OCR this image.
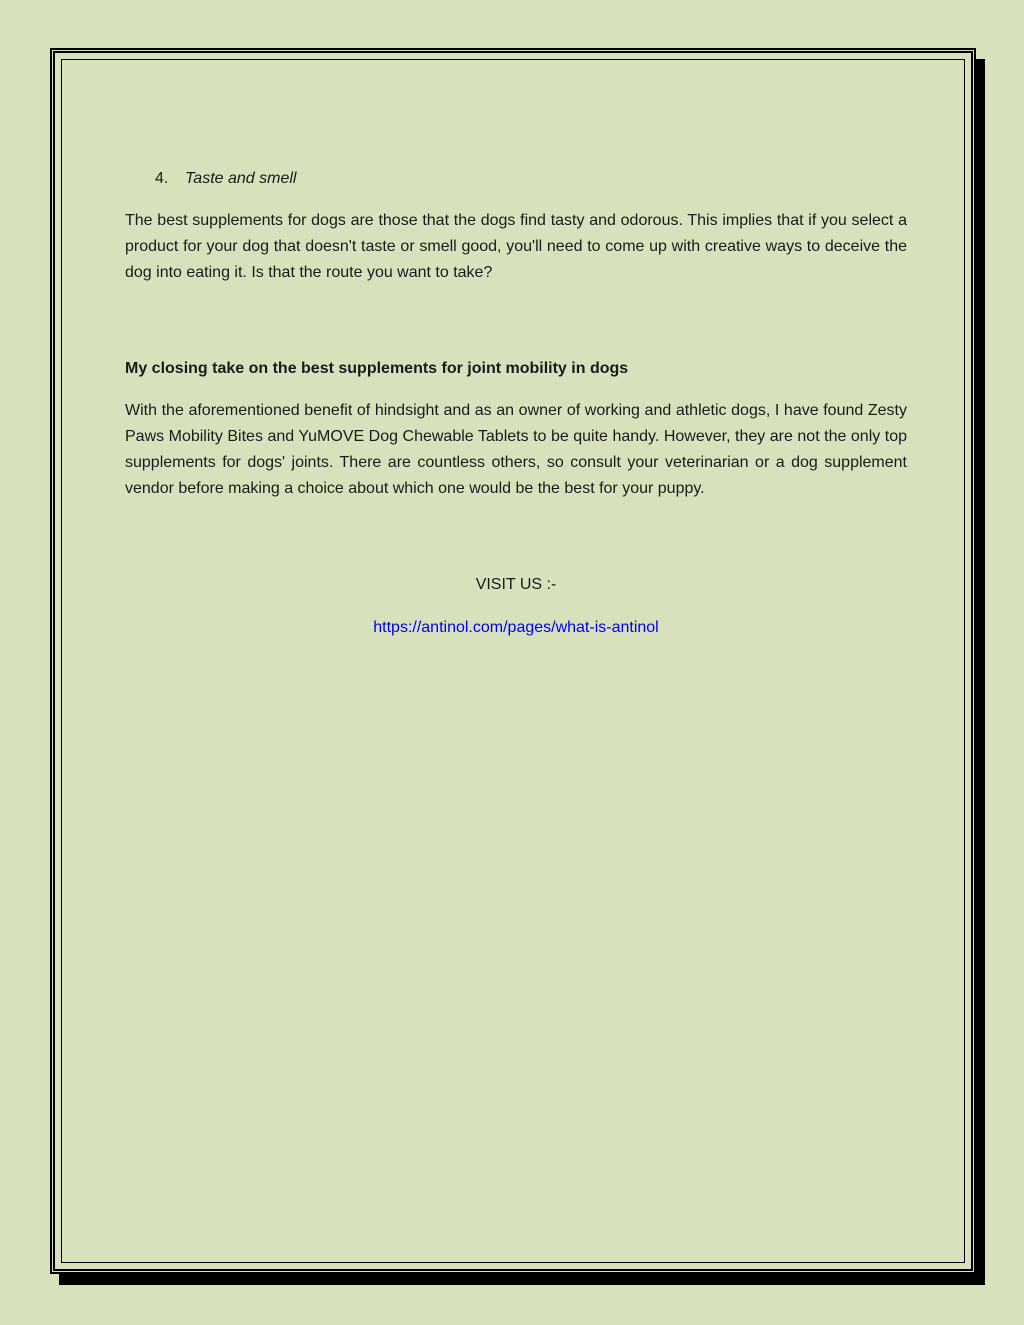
4. Taste and smell

The best supplements for dogs are those that the dogs find tasty and odorous. This implies that if you select a product for your dog that doesn't taste or smell good, you'll need to come up with creative ways to deceive the dog into eating it. Is that the route you want to take?

My closing take on the best supplements for joint mobility in dogs

With the aforementioned benefit of hindsight and as an owner of working and athletic dogs, I have found Zesty Paws Mobility Bites and YuMOVE Dog Chewable Tablets to be quite handy. However, they are not the only top supplements for dogs' joints. There are countless others, so consult your veterinarian or a dog supplement vendor before making a choice about which one would be the best for your puppy.

VISIT US :-
https://antinol.com/pages/what-is-antinol
